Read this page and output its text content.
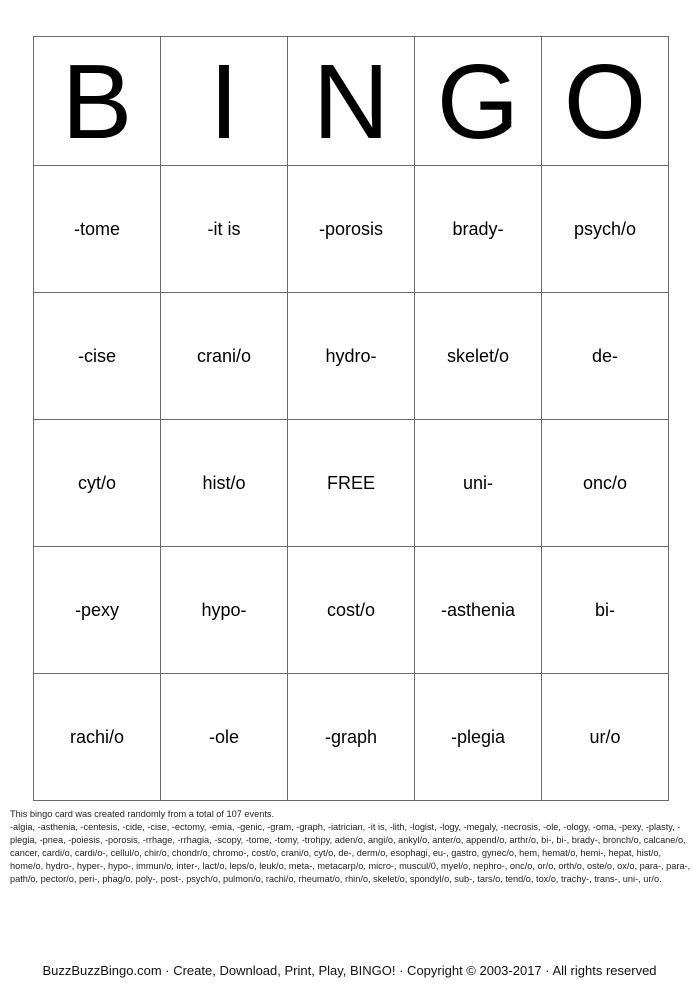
B	I	N	G	O
-tome	-it is	-porosis	brady-	psych/o
-cise	crani/o	hydro-	skelet/o	de-
cyt/o	hist/o	FREE	uni-	onc/o
-pexy	hypo-	cost/o	-asthenia	bi-
rachi/o	-ole	-graph	-plegia	ur/o

This bingo card was created randomly from a total of 107 events.

-algia, -asthenia, -centesis, -cide, -cise, -ectomy, -emia, -genic, -gram, -graph, -iatrician, -it is, -lith, -logist, -logy, -megaly, -necrosis, -ole, -ology, -oma, -pexy, -plasty, -plegia, -pnea, -poiesis, -porosis, -rrhage, -rrhagia, -scopy, -tome, -tomy, -trohpy, aden/o, angi/o, ankyl/o, anter/o, append/o, arthr/o, bi-, bi-, brady-, bronch/o, calcane/o, cancer, cardi/o, cardi/o-, cellul/o, chir/o, chondr/o, chromo-, cost/o, crani/o, cyt/o, de-, derm/o, esophagi, eu-, gastro, gynec/o, hem, hemat/o, hemi-, hepat, hist/o, home/o, hydro-, hyper-, hypo-, immun/o, inter-, lact/o, leps/o, leuk/o, meta-, metacarp/o, micro-, muscul/0, myel/o, nephro-, onc/o, or/o, orth/o, oste/o, ox/o, para-, para-, path/o, pector/o, peri-, phag/o, poly-, post-, psych/o, pulmon/o, rachi/o, rheumat/o, rhin/o, skelet/o, spondyl/o, sub-, tars/o, tend/o, tox/o, trachy-, trans-, uni-, ur/o.

BuzzBuzzBingo.com · Create, Download, Print, Play, BINGO! · Copyright © 2003-2017 · All rights reserved
